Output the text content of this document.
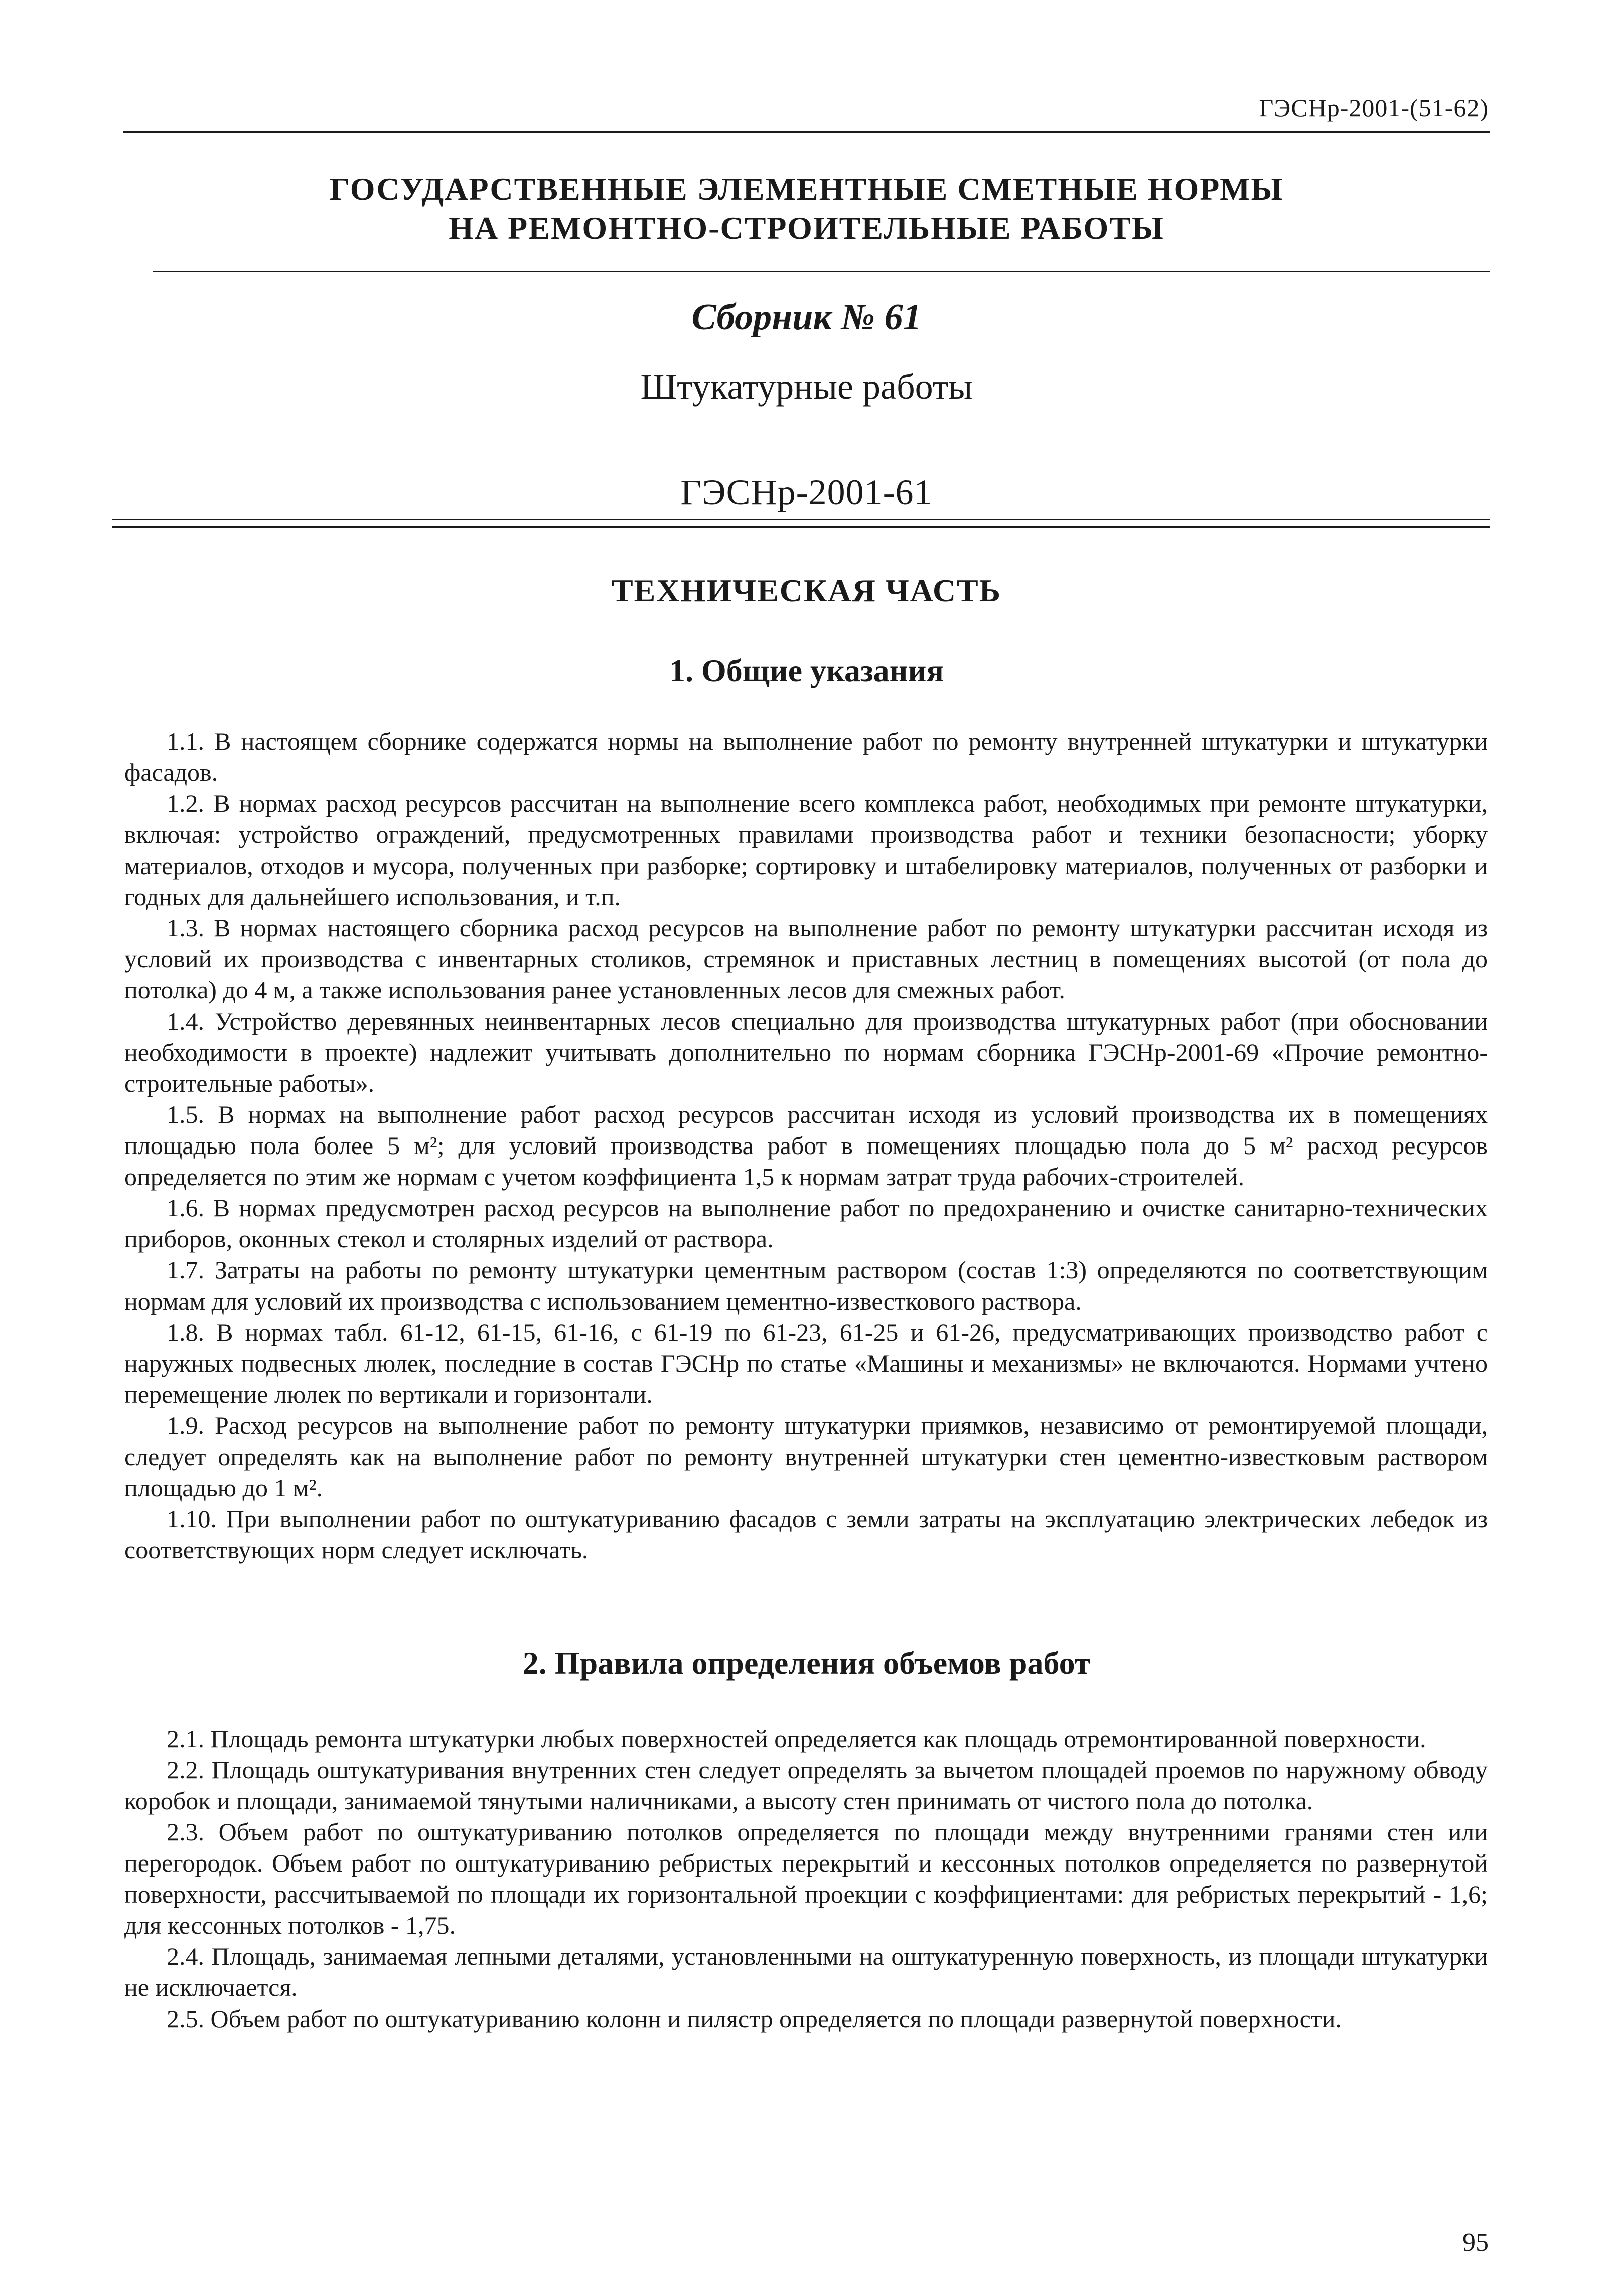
ГЭСНр-2001-(51-62)
ГОСУДАРСТВЕННЫЕ ЭЛЕМЕНТНЫЕ СМЕТНЫЕ НОРМЫ
НА РЕМОНТНО-СТРОИТЕЛЬНЫЕ РАБОТЫ
Сборник № 61
Штукатурные работы
ГЭСНр-2001-61
ТЕХНИЧЕСКАЯ ЧАСТЬ
1. Общие указания

1.1. В настоящем сборнике содержатся нормы на выполнение работ по ремонту внутренней штукатурки и штукатурки фасадов.

1.2. В нормах расход ресурсов рассчитан на выполнение всего комплекса работ, необходимых при ремонте штукатурки, включая: устройство ограждений, предусмотренных правилами производства работ и техники безопасности; уборку материалов, отходов и мусора, полученных при разборке; сортировку и штабелировку материалов, полученных от разборки и годных для дальнейшего использования, и т.п.

1.3. В нормах настоящего сборника расход ресурсов на выполнение работ по ремонту штукатурки рассчитан исходя из условий их производства с инвентарных столиков, стремянок и приставных лестниц в помещениях высотой (от пола до потолка) до 4 м, а также использования ранее установленных лесов для смежных работ.

1.4. Устройство деревянных неинвентарных лесов специально для производства штукатурных работ (при обосновании необходимости в проекте) надлежит учитывать дополнительно по нормам сборника ГЭСНр-2001-69 «Прочие ремонтно-строительные работы».

1.5. В нормах на выполнение работ расход ресурсов рассчитан исходя из условий производства их в помещениях площадью пола более 5 м²; для условий производства работ в помещениях площадью пола до 5 м² расход ресурсов определяется по этим же нормам с учетом коэффициента 1,5 к нормам затрат труда рабочих-строителей.

1.6. В нормах предусмотрен расход ресурсов на выполнение работ по предохранению и очистке санитарно-технических приборов, оконных стекол и столярных изделий от раствора.

1.7. Затраты на работы по ремонту штукатурки цементным раствором (состав 1:3) определяются по соответствующим нормам для условий их производства с использованием цементно-известкового раствора.

1.8. В нормах табл. 61-12, 61-15, 61-16, с 61-19 по 61-23, 61-25 и 61-26, предусматривающих производство работ с наружных подвесных люлек, последние в состав ГЭСНр по статье «Машины и механизмы» не включаются. Нормами учтено перемещение люлек по вертикали и горизонтали.

1.9. Расход ресурсов на выполнение работ по ремонту штукатурки приямков, независимо от ремонтируемой площади, следует определять как на выполнение работ по ремонту внутренней штукатурки стен цементно-известковым раствором площадью до 1 м².

1.10. При выполнении работ по оштукатуриванию фасадов с земли затраты на эксплуатацию электрических лебедок из соответствующих норм следует исключать.

2. Правила определения объемов работ

2.1. Площадь ремонта штукатурки любых поверхностей определяется как площадь отремонтированной поверхности.

2.2. Площадь оштукатуривания внутренних стен следует определять за вычетом площадей проемов по наружному обводу коробок и площади, занимаемой тянутыми наличниками, а высоту стен принимать от чистого пола до потолка.

2.3. Объем работ по оштукатуриванию потолков определяется по площади между внутренними гранями стен или перегородок. Объем работ по оштукатуриванию ребристых перекрытий и кессонных потолков определяется по развернутой поверхности, рассчитываемой по площади их горизонтальной проекции с коэффициентами: для ребристых перекрытий - 1,6; для кессонных потолков - 1,75.

2.4. Площадь, занимаемая лепными деталями, установленными на оштукатуренную поверхность, из площади штукатурки не исключается.

2.5. Объем работ по оштукатуриванию колонн и пилястр определяется по площади развернутой поверхности.

95
